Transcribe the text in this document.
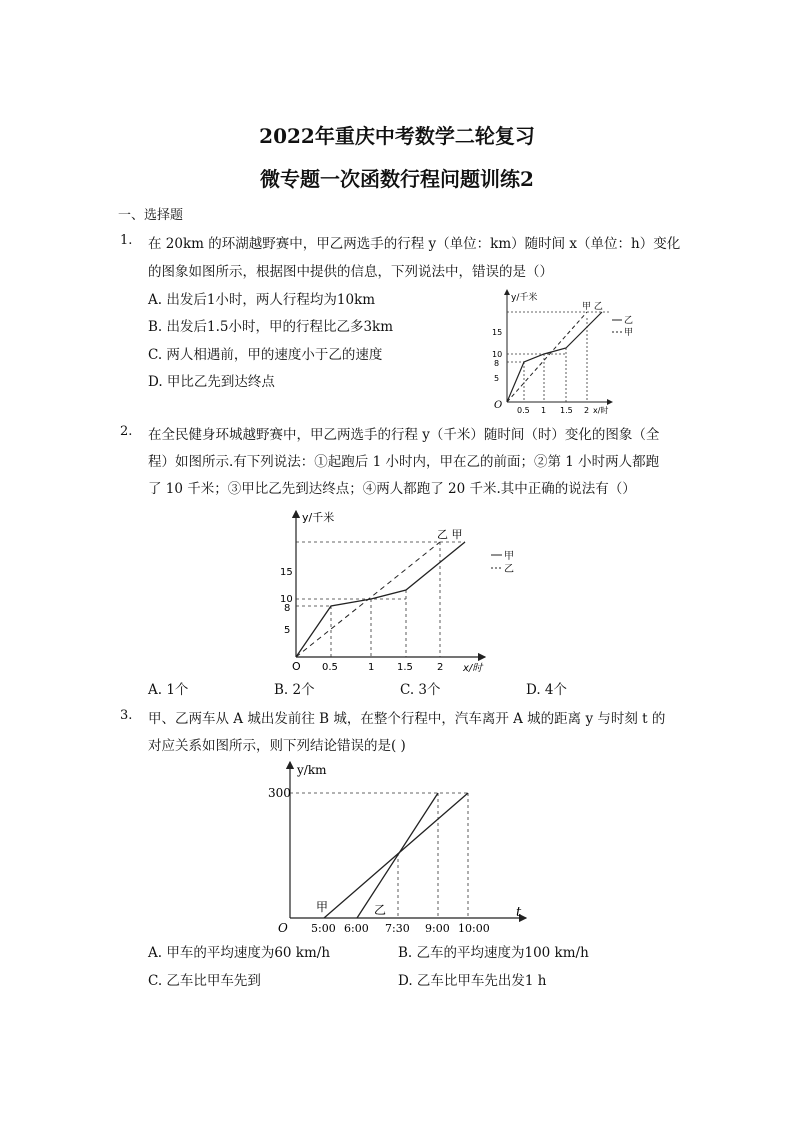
2022年重庆中考数学二轮复习
微专题一次函数行程问题训练2
一、选择题
1. 在 20km 的环湖越野赛中，甲乙两选手的行程 y（单位：km）随时间 x（单位：h）变化
的图象如图所示，根据图中提供的信息，下列说法中，错误的是（）
A. 出发后1小时，两人行程均为10km
B. 出发后1.5小时，甲的行程比乙多3km
C. 两人相遇前，甲的速度小于乙的速度
D. 甲比乙先到达终点
y/千米
O
5
8
10
15
0.5 1 1.5 2 x/时
甲 乙
乙
甲
2. 在全民健身环城越野赛中，甲乙两选手的行程 y（千米）随时间（时）变化的图象（全
程）如图所示.有下列说法：①起跑后 1 小时内，甲在乙的前面；②第 1 小时两人都跑
了 10 千米；③甲比乙先到达终点；④两人都跑了 20 千米.其中正确的说法有（）
y/千米
O
5
8
10
15
0.5	1 1.5 2 x/时
乙 甲
甲
乙
A. 1个	B. 2个	C. 3个	D. 4个
3. 甲、乙两车从 A 城出发前往 B 城，在整个行程中，汽车离开 A 城的距离 y 与时刻 t 的
对应关系如图所示，则下列结论错误的是( )
y/km
300
O 5:00 6:00 7:30 9:00 10:00
t
甲	乙
A. 甲车的平均速度为60 km/h	B. 乙车的平均速度为100 km/h
C. 乙车比甲车先到	D. 乙车比甲车先出发1 h
